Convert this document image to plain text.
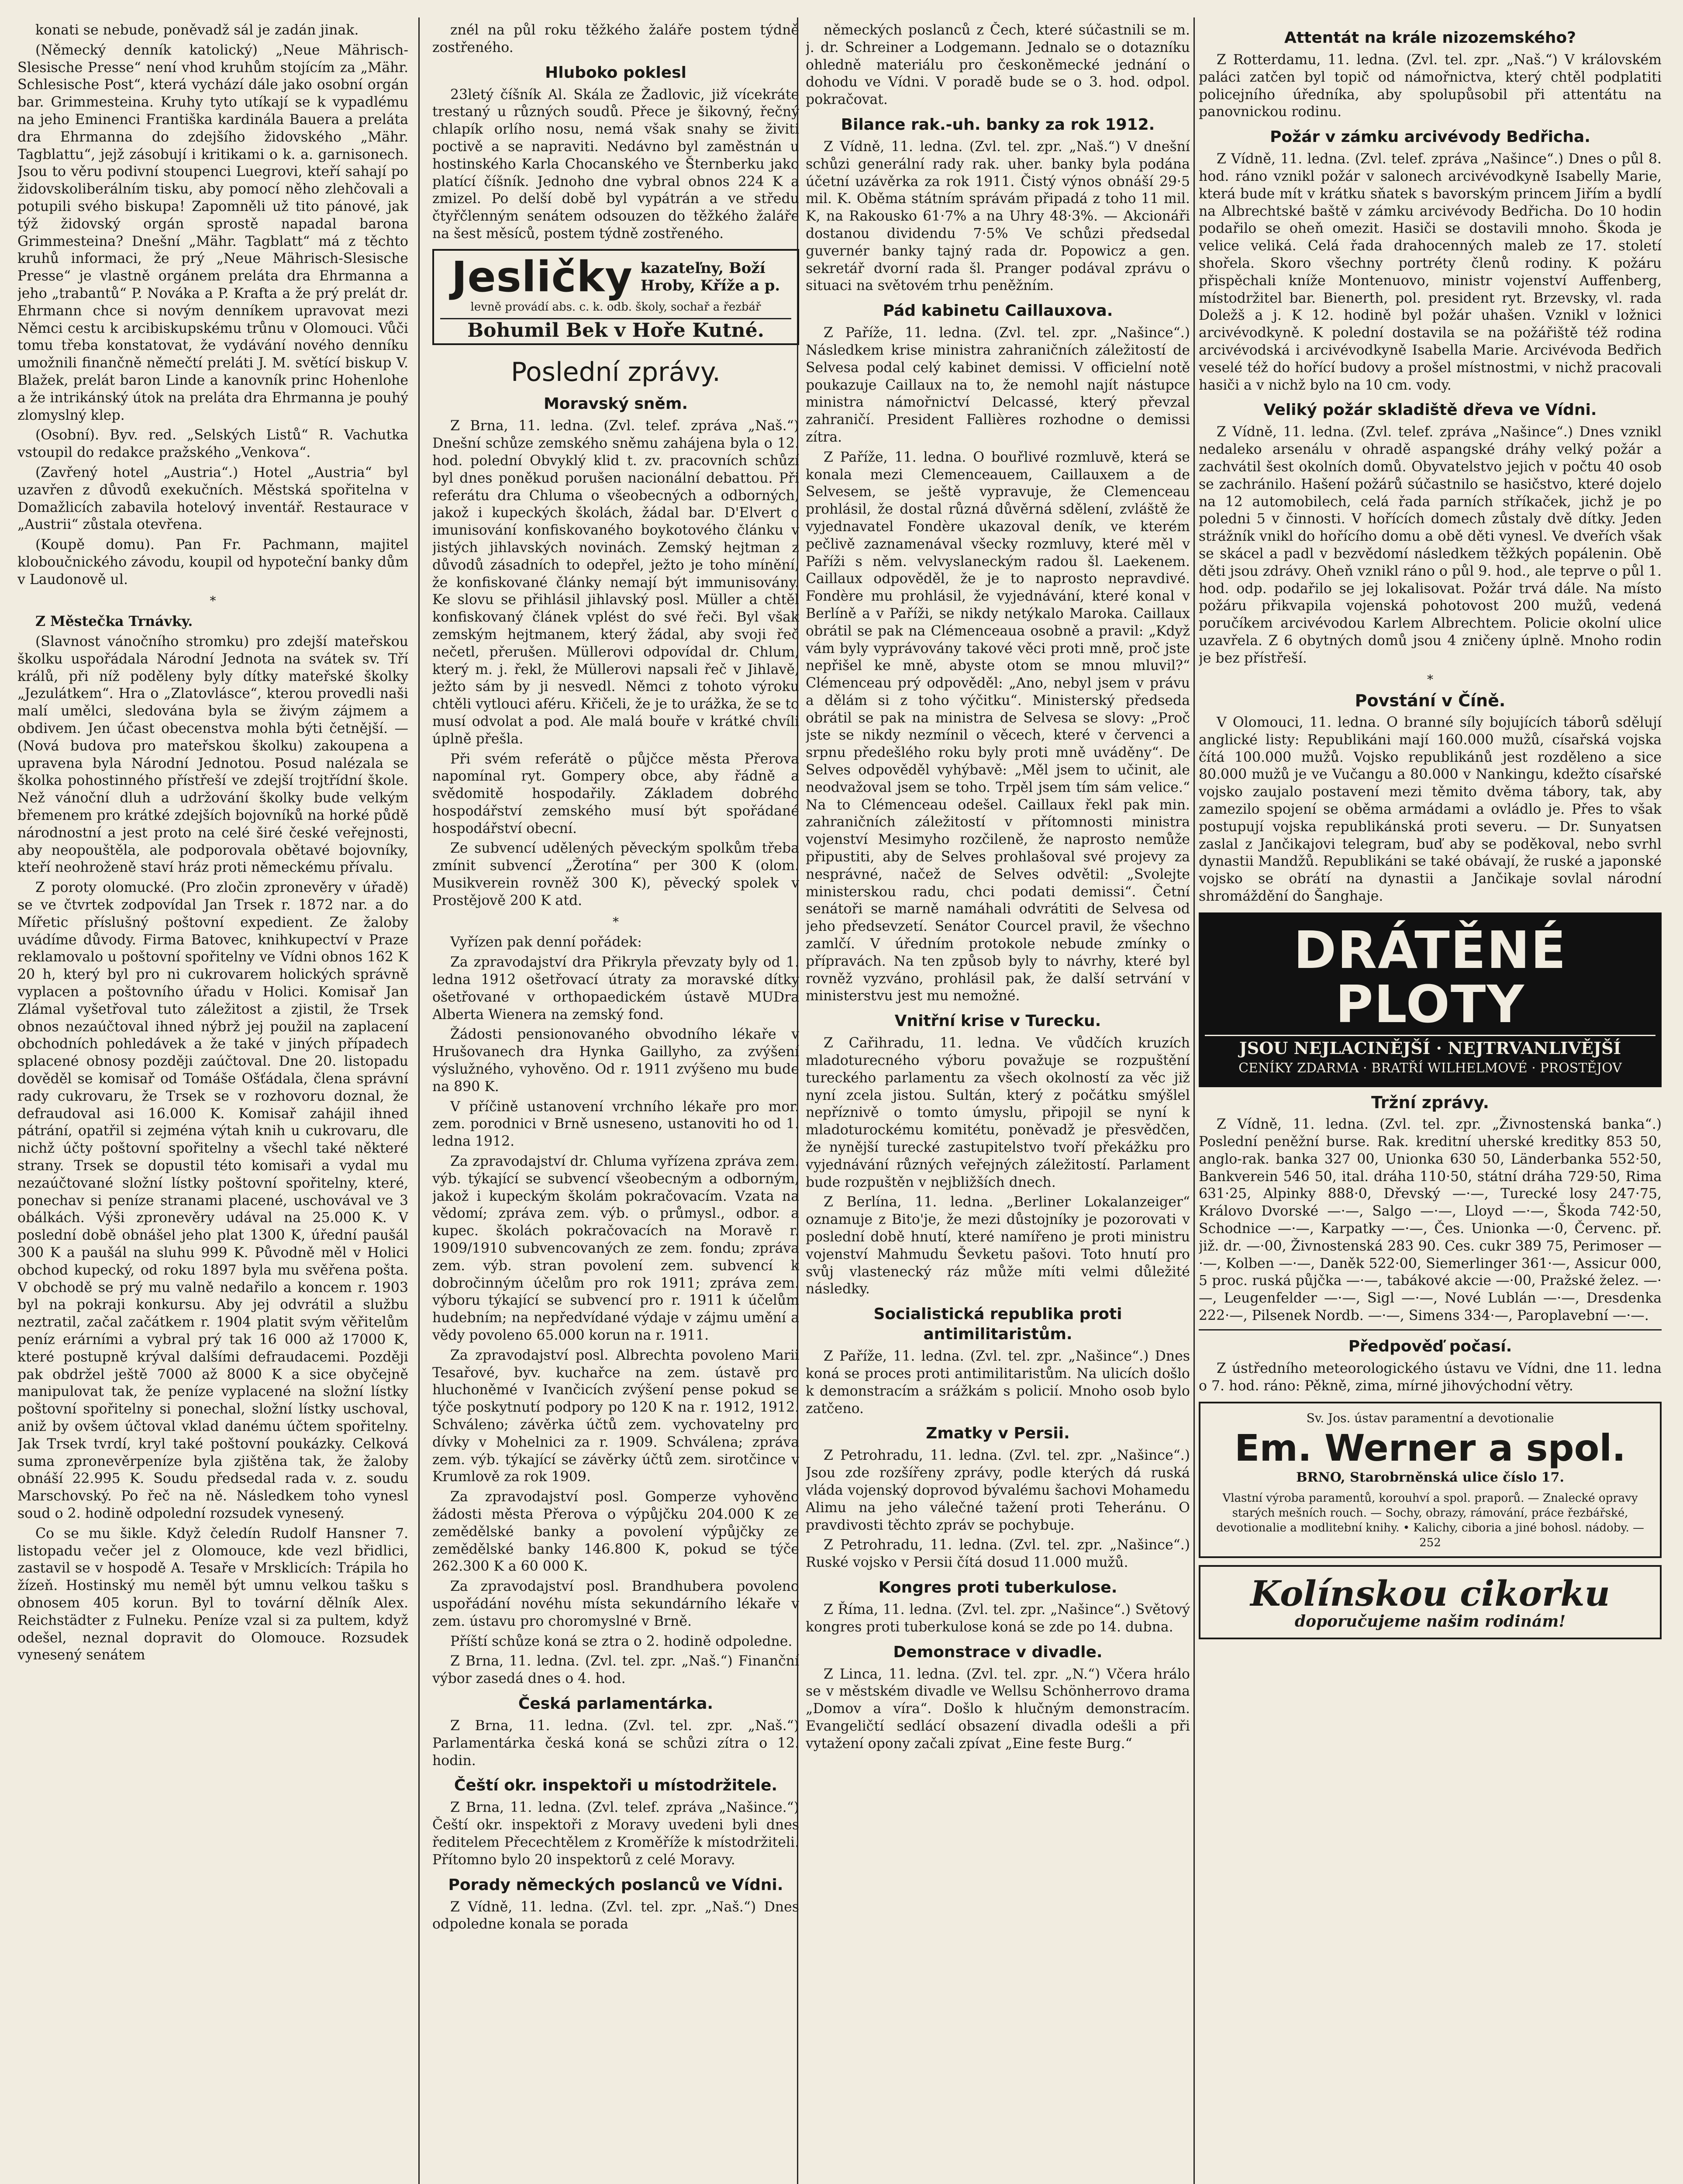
konati se nebude, poněvadž sál je zadán jinak.

(Německý denník katolický) „Neue Mährisch-Slesische Presse“ není vhod kruhům stojícím za „Mähr. Schlesische Post“, která vychází dále jako osobní orgán bar. Grimmesteina. Kruhy tyto utíkají se k vypadlému na jeho Eminenci Františka kardinála Bauera a preláta dra Ehrmanna do zdejšího židovského „Mähr. Tagblattu“, jejž zásobují i kritikami o k. a. garnisonech. Jsou to věru podivní stoupenci Luegrovi, kteří sahají po židovskoliberálním tisku, aby pomocí něho zlehčovali a potupili svého biskupa! Zapomněli už tito pánové, jak týž židovský orgán sprostě napadal barona Grimmesteina? Dnešní „Mähr. Tagblatt“ má z těchto kruhů informaci, že prý „Neue Mährisch-Slesische Presse“ je vlastně orgánem preláta dra Ehrmanna a jeho „trabantů“ P. Nováka a P. Krafta a že prý prelát dr. Ehrmann chce si novým denníkem upravovat mezi Němci cestu k arcibiskupskému trůnu v Olomouci. Vůči tomu třeba konstatovat, že vydávání nového denníku umožnili finančně němečtí preláti J. M. světící biskup V. Blažek, prelát baron Linde a kanovník princ Hohenlohe a že intrikánský útok na preláta dra Ehrmanna je pouhý zlomyslný klep.

(Osobní). Byv. red. „Selských Listů“ R. Vachutka vstoupil do redakce pražského „Venkova“.

(Zavřený hotel „Austria“.) Hotel „Austria“ byl uzavřen z důvodů exekučních. Městská spořitelna v Domažlicích zabavila hotelový inventář. Restaurace v „Austrii“ zůstala otevřena.

(Koupě domu). Pan Fr. Pachmann, majitel kloboučnického závodu, koupil od hypoteční banky dům v Laudonově ul.

*

Z Městečka Trnávky.

(Slavnost vánočního stromku) pro zdejší mateřskou školku uspořádala Národní Jednota na svátek sv. Tří králů, při níž poděleny byly dítky mateřské školky „Jezulátkem“. Hra o „Zlatovlásce“, kterou provedli naši malí umělci, sledována byla se živým zájmem a obdivem. Jen účast obecenstva mohla býti četnější. — (Nová budova pro mateřskou školku) zakoupena a upravena byla Národní Jednotou. Posud nalézala se školka pohostinného přístřeší ve zdejší trojtřídní škole. Než vánoční dluh a udržování školky bude velkým břemenem pro krátké zdejších bojovníků na horké půdě národnostní a jest proto na celé širé české veřejnosti, aby neopouštěla, ale podporovala obětavé bojovníky, kteří neohroženě staví hráz proti německému přívalu.

Z poroty olomucké. (Pro zločin zpronevěry v úřadě) se ve čtvrtek zodpovídal Jan Trsek r. 1872 nar. a do Mířetic příslušný poštovní expedient. Ze žaloby uvádíme důvody. Firma Batovec, knihkupectví v Praze reklamovalo u poštovní spořitelny ve Vídni obnos 162 K 20 h, který byl pro ni cukrovarem holických správně vyplacen a poštovního úřadu v Holici. Komisař Jan Zlámal vyšetřoval tuto záležitost a zjistil, že Trsek obnos nezaúčtoval ihned nýbrž jej použil na zaplacení obchodních pohledávek a že také v jiných případech splacené obnosy později zaúčtoval. Dne 20. listopadu dověděl se komisař od Tomáše Ošťádala, člena správní rady cukrovaru, že Trsek se v rozhovoru doznal, že defraudoval asi 16.000 K. Komisař zahájil ihned pátrání, opatřil si zejména výtah knih u cukrovaru, dle nichž účty poštovní spořitelny a všechl také některé strany. Trsek se dopustil této komisaři a vydal mu nezaúčtované složní lístky poštovní spořitelny, které, ponechav si peníze stranami placené, uschovával ve 3 obálkách. Výši zpronevěry udával na 25.000 K. V poslední době obnášel jeho plat 1300 K, úřední paušál 300 K a paušál na sluhu 999 K. Původně měl v Holici obchod kupecký, od roku 1897 byla mu svěřena pošta. V obchodě se prý mu valně nedařilo a koncem r. 1903 byl na pokraji konkursu. Aby jej odvrátil a službu neztratil, začal začátkem r. 1904 platit svým věřitelům peníz erárními a vybral prý tak 16 000 až 17000 K, které postupně krýval dalšími defraudacemi. Později pak obdržel ještě 7000 až 8000 K a sice obyčejně manipulovat tak, že peníze vyplacené na složní lístky poštovní spořitelny si ponechal, složní lístky uschoval, aniž by ovšem účtoval vklad danému účtem spořitelny. Jak Trsek tvrdí, kryl také poštovní poukázky. Celková suma zpronevěrpeníze byla zjištěna tak, že žaloby obnáší 22.995 K. Soudu předsedal rada v. z. soudu Marschovský. Po řeč na ně. Následkem toho vynesl soud o 2. hodině odpolední rozsudek vynesený.

Co se mu šikle. Když čeledín Rudolf Hansner 7. listopadu večer jel z Olomouce, kde vezl břidlici, zastavil se v hospodě A. Tesaře v Mrsklicích: Trápila ho žízeň. Hostinský mu neměl být umnu velkou tašku s obnosem 405 korun. Byl to tovární dělník Alex. Reichstädter z Fulneku. Peníze vzal si za pultem, když odešel, neznal dopravit do Olomouce. Rozsudek vynesený senátem

znél na půl roku těžkého žaláře postem týdně zostřeného.

Hluboko poklesl

23letý číšník Al. Skála ze Žadlovic, již vícekráte trestaný u různých soudů. Přece je šikovný, řečný chlapík orlího nosu, nemá však snahy se živiti poctivě a se napraviti. Nedávno byl zaměstnán u hostinského Karla Chocanského ve Šternberku jako platící číšník. Jednoho dne vybral obnos 224 K a zmizel. Po delší době byl vypátrán a ve středu čtyřčlenným senátem odsouzen do těžkého žaláře na šest měsíců, postem týdně zostřeného.

Jesličky kazateľny, Boží
Hroby, Kříže a p.
levně provádí abs. c. k. odb. školy, sochař a řezbář
Bohumil Bek v Hoře Kutné.
Poslední zprávy.
Moravský sněm.

Z Brna, 11. ledna. (Zvl. telef. zpráva „Naš.“) Dnešní schůze zemského sněmu zahájena byla o 12. hod. polední Obvyklý klid t. zv. pracovních schůzí byl dnes poněkud porušen nacionální debattou. Při referátu dra Chluma o všeobecných a odborných, jakož i kupeckých školách, žádal bar. D'Elvert o imunisování konfiskovaného boykotového článku v jistých jihlavských novinách. Zemský hejtman z důvodů zásadních to odepřel, ježto je toho mínění, že konfiskované články nemají být immunisovány. Ke slovu se přihlásil jihlavský posl. Müller a chtěl konfiskovaný článek vplést do své řeči. Byl však zemským hejtmanem, který žádal, aby svoji řeč nečetl, přerušen. Müllerovi odpovídal dr. Chlum, který m. j. řekl, že Müllerovi napsali řeč v Jihlavě, ježto sám by ji nesvedl. Němci z tohoto výroku chtěli vytlouci aféru. Křičeli, že je to urážka, že se to musí odvolat a pod. Ale malá bouře v krátké chvíli úplně přešla.

Při svém referátě o půjčce města Přerova napomínal ryt. Gompery obce, aby řádně a svědomitě hospodařily. Základem dobrého hospodářství zemského musí být spořádané hospodářství obecní.

Ze subvencí udělených pěveckým spolkům třeba zmínit subvencí „Žerotína“ per 300 K (olom. Musikverein rovněž 300 K), pěvecký spolek v Prostějově 200 K atd.

*

Vyřízen pak denní pořádek:

Za zpravodajství dra Přikryla převzaty byly od 1. ledna 1912 ošetřovací útraty za moravské dítky ošetřované v orthopaedickém ústavě MUDra Alberta Wienera na zemský fond.

Žádosti pensionovaného obvodního lékaře v Hrušovanech dra Hynka Gaillyho, za zvýšení výslužného, vyhověno. Od r. 1911 zvýšeno mu bude na 890 K.

V příčině ustanovení vrchního lékaře pro mor. zem. porodnici v Brně usneseno, ustanoviti ho od 1. ledna 1912.

Za zpravodajství dr. Chluma vyřízena zpráva zem. výb. týkající se subvencí všeobecným a odborným, jakož i kupeckým školám pokračovacím. Vzata na vědomí; zpráva zem. výb. o průmysl., odbor. a kupec. školách pokračovacích na Moravě r. 1909/1910 subvencovaných ze zem. fondu; zpráva zem. výb. stran povolení zem. subvencí k dobročinným účelům pro rok 1911; zpráva zem. výboru týkající se subvencí pro r. 1911 k účelům hudebním; na nepředvídané výdaje v zájmu umění a vědy povoleno 65.000 korun na r. 1911.

Za zpravodajství posl. Albrechta povoleno Marii Tesařové, byv. kuchařce na zem. ústavě pro hluchoněmé v Ivančicích zvýšení pense pokud se týče poskytnutí podpory po 120 K na r. 1912, 1912. Schváleno; závěrka účtů zem. vychovatelny pro dívky v Mohelnici za r. 1909. Schválena; zpráva zem. výb. týkající se závěrky účtů zem. sirotčince v Krumlově za rok 1909.

Za zpravodajství posl. Gomperze vyhověno žádosti města Přerova o výpůjčku 204.000 K ze zemědělské banky a povolení výpůjčky ze zemědělské banky 146.800 K, pokud se týče 262.300 K a 60 000 K.

Za zpravodajství posl. Brandhubera povoleno uspořádání novéhu místa sekundárního lékaře v zem. ústavu pro choromyslné v Brně.

Příští schůze koná se ztra o 2. hodině odpoledne.

Z Brna, 11. ledna. (Zvl. tel. zpr. „Naš.“) Finanční výbor zasedá dnes o 4. hod.

Česká parlamentárka.

Z Brna, 11. ledna. (Zvl. tel. zpr. „Naš.“) Parlamentárka česká koná se schůzi zítra o 12. hodin.

Čeští okr. inspektoři u místodržitele.

Z Brna, 11. ledna. (Zvl. telef. zpráva „Našince.“) Čeští okr. inspektoři z Moravy uvedeni byli dnes ředitelem Přecechtělem z Kroměříže k místodržiteli. Přítomno bylo 20 inspektorů z celé Moravy.

Porady německých poslanců ve Vídni.

Z Vídně, 11. ledna. (Zvl. tel. zpr. „Naš.“) Dnes odpoledne konala se porada

německých poslanců z Čech, které súčastnili se m. j. dr. Schreiner a Lodgemann. Jednalo se o dotazníku ohledně materiálu pro českoněmecké jednání o dohodu ve Vídni. V poradě bude se o 3. hod. odpol. pokračovat.

Bilance rak.-uh. banky za rok 1912.

Z Vídně, 11. ledna. (Zvl. tel. zpr. „Naš.“) V dnešní schůzi generální rady rak. uher. banky byla podána účetní uzávěrka za rok 1911. Čistý výnos obnáší 29·5 mil. K. Oběma státním správám připadá z toho 11 mil. K, na Rakousko 61·7% a na Uhry 48·3%. — Akcionáři dostanou dividendu 7·5% Ve schůzi předsedal guvernér banky tajný rada dr. Popowicz a gen. sekretář dvorní rada šl. Pranger podával zprávu o situaci na světovém trhu peněžním.

Pád kabinetu Caillauxova.

Z Paříže, 11. ledna. (Zvl. tel. zpr. „Našince“.) Následkem krise ministra zahraničních záležitostí de Selvesa podal celý kabinet demissi. V officielní notě poukazuje Caillaux na to, že nemohl najít nástupce ministra námořnictví Delcassé, který převzal zahraničí. President Fallières rozhodne o demissi zítra.

Z Paříže, 11. ledna. O bouřlivé rozmluvě, která se konala mezi Clemenceauem, Caillauxem a de Selvesem, se ještě vypravuje, že Clemenceau prohlásil, že dostal různá důvěrná sdělení, zvláště že vyjednavatel Fondère ukazoval deník, ve kterém pečlivě zaznamenával všecky rozmluvy, které měl v Paříži s něm. velvyslaneckým radou šl. Laekenem. Caillaux odpověděl, že je to naprosto nepravdivé. Fondère mu prohlásil, že vyjednávání, které konal v Berlíně a v Paříži, se nikdy netýkalo Maroka. Caillaux obrátil se pak na Clémenceaua osobně a pravil: „Když vám byly vyprávovány takové věci proti mně, proč jste nepřišel ke mně, abyste otom se mnou mluvil?“ Clémenceau prý odpověděl: „Ano, nebyl jsem v právu a dělám si z toho výčitku“. Ministerský předseda obrátil se pak na ministra de Selvesa se slovy: „Proč jste se nikdy nezmínil o věcech, které v červenci a srpnu předešlého roku byly proti mně uváděny“. De Selves odpověděl vyhýbavě: „Měl jsem to učinit, ale neodvažoval jsem se toho. Trpěl jsem tím sám velice.“ Na to Clémenceau odešel. Caillaux řekl pak min. zahraničních záležitostí v přítomnosti ministra vojenství Mesimyho rozčileně, že naprosto nemůže připustiti, aby de Selves prohlašoval své projevy za nesprávné, načež de Selves odvětil: „Svolejte ministerskou radu, chci podati demissi“. Četní senátoři se marně namáhali odvrátiti de Selvesa od jeho předsevzetí. Senátor Courcel pravil, že všechno zamlčí. V úředním protokole nebude zmínky o přípravách. Na ten způsob byly to návrhy, které byl rovněž vyzváno, prohlásil pak, že další setrvání v ministerstvu jest mu nemožné.

Vnitřní krise v Turecku.

Z Cařihradu, 11. ledna. Ve vůdčích kruzích mladoturecného výboru považuje se rozpuštění tureckého parlamentu za všech okolností za věc již nyní zcela jistou. Sultán, který z počátku smýšlel nepříznivě o tomto úmyslu, připojil se nyní k mladoturockému komitétu, poněvadž je přesvědčen, že nynější turecké zastupitelstvo tvoří překážku pro vyjednávání různých veřejných záležitostí. Parlament bude rozpuštěn v nejbližších dnech.

Z Berlína, 11. ledna. „Berliner Lokalanzeiger“ oznamuje z Bito'je, že mezi důstojníky je pozorovati v poslední době hnutí, které namířeno je proti ministru vojenství Mahmudu Ševketu pašovi. Toto hnutí pro svůj vlastenecký ráz může míti velmi důležité následky.

Socialistická republika proti antimilitaristům.

Z Paříže, 11. ledna. (Zvl. tel. zpr. „Našince“.) Dnes koná se proces proti antimilitaristům. Na ulicích došlo k demonstracím a srážkám s policií. Mnoho osob bylo zatčeno.

Zmatky v Persii.

Z Petrohradu, 11. ledna. (Zvl. tel. zpr. „Našince“.) Jsou zde rozšířeny zprávy, podle kterých dá ruská vláda vojenský doprovod bývalému šachovi Mohamedu Alimu na jeho válečné tažení proti Teheránu. O pravdivosti těchto zpráv se pochybuje.

Z Petrohradu, 11. ledna. (Zvl. tel. zpr. „Našince“.) Ruské vojsko v Persii čítá dosud 11.000 mužů.

Kongres proti tuberkulose.

Z Říma, 11. ledna. (Zvl. tel. zpr. „Našince“.) Světový kongres proti tuberkulose koná se zde po 14. dubna.

Demonstrace v divadle.

Z Linca, 11. ledna. (Zvl. tel. zpr. „N.“) Včera hrálo se v městském divadle ve Wellsu Schönherrovo drama „Domov a víra“. Došlo k hlučným demonstracím. Evangeličtí sedlácí obsazení divadla odešli a při vytažení opony začali zpívat „Eine feste Burg.“

Attentát na krále nizozemského?

Z Rotterdamu, 11. ledna. (Zvl. tel. zpr. „Naš.“) V královském paláci zatčen byl topič od námořnictva, který chtěl podplatiti policejního úředníka, aby spolupůsobil při attentátu na panovnickou rodinu.

Požár v zámku arcivévody Bedřicha.

Z Vídně, 11. ledna. (Zvl. telef. zpráva „Našince“.) Dnes o půl 8. hod. ráno vznikl požár v salonech arcivévodkyně Isabelly Marie, která bude mít v krátku sňatek s bavorským princem Jiřím a bydlí na Albrechtské baště v zámku arcivévody Bedřicha. Do 10 hodin podařilo se oheň omezit. Hasiči se dostavili mnoho. Škoda je velice veliká. Celá řada drahocenných maleb ze 17. století shořela. Skoro všechny portréty členů rodiny. K požáru přispěchali kníže Montenuovo, ministr vojenství Auffenberg, místodržitel bar. Bienerth, pol. president ryt. Brzevsky, vl. rada Doležš a j. K 12. hodině byl požár uhašen. Vznikl v ložnici arcivévodkyně. K polední dostavila se na požářiště též rodina arcivévodská i arcivévodkyně Isabella Marie. Arcivévoda Bedřich veselé též do hořící budovy a prošel místnostmi, v nichž pracovali hasiči a v nichž bylo na 10 cm. vody.

Veliký požár skladiště dřeva ve Vídni.

Z Vídně, 11. ledna. (Zvl. telef. zpráva „Našince“.) Dnes vznikl nedaleko arsenálu v ohradě aspangské dráhy velký požár a zachvátil šest okolních domů. Obyvatelstvo jejich v počtu 40 osob se zachránilo. Hašení požárů súčastnilo se hasičstvo, které dojelo na 12 automobilech, celá řada parních stříkaček, jichž je po poledni 5 v činnosti. V hořících domech zůstaly dvě dítky. Jeden strážník vnikl do hořícího domu a obě děti vynesl. Ve dveřích však se skácel a padl v bezvědomí následkem těžkých popálenin. Obě děti jsou zdrávy. Oheň vznikl ráno o půl 9. hod., ale teprve o půl 1. hod. odp. podařilo se jej lokalisovat. Požár trvá dále. Na místo požáru přikvapila vojenská pohotovost 200 mužů, vedená poručíkem arcivévodou Karlem Albrechtem. Policie okolní ulice uzavřela. Z 6 obytných domů jsou 4 zničeny úplně. Mnoho rodin je bez přístřeší.

*
Povstání v Číně.

V Olomouci, 11. ledna. O branné síly bojujících táborů sdělují anglické listy: Republikáni mají 160.000 mužů, císařská vojska čítá 100.000 mužů. Vojsko republikánů jest rozděleno a sice 80.000 mužů je ve Vučangu a 80.000 v Nankingu, kdežto císařské vojsko zaujalo postavení mezi těmito dvěma tábory, tak, aby zamezilo spojení se oběma armádami a ovládlo je. Přes to však postupují vojska republikánská proti severu. — Dr. Sunyatsen zaslal z Jančikajovi telegram, buď aby se poděkoval, nebo svrhl dynastii Mandžů. Republikáni se také obávají, že ruské a japonské vojsko se obrátí na dynastii a Jančikaje sovlal národní shromáždění do Šanghaje.

DRÁTĚNÉ PLOTY
JSOU NEJLACINĚJŠÍ · NEJTRVANLIVĚJŠÍ
CENÍKY ZDARMA · BRATŘÍ WILHELMOVÉ · PROSTĚJOV
Tržní zprávy.

Z Vídně, 11. ledna. (Zvl. tel. zpr. „Živnostenská banka“.) Poslední peněžní burse. Rak. kreditní uherské kreditky 853 50, anglo-rak. banka 327 00, Unionka 630 50, Länderbanka 552·50, Bankverein 546 50, ital. dráha 110·50, státní dráha 729·50, Rima 631·25, Alpinky 888·0, Dřevský —·—, Turecké losy 247·75, Královo Dvorské —·—, Salgo —·—, Lloyd —·—, Škoda 742·50, Schodnice —·—, Karpatky —·—, Čes. Unionka —·0, Červenc. př. již. dr. —·00, Živnostenská 283 90. Ces. cukr 389 75, Perimoser —·—, Kolben —·—, Daněk 522·00, Siemerlinger 361·—, Assicur 000, 5 proc. ruská půjčka —·—, tabákové akcie —·00, Pražské želez. —·—, Leugenfelder —·—, Sigl —·—, Nové Lublán —·—, Dresdenka 222·—, Pilsenek Nordb. —·—, Simens 334·—, Paroplavební —·—.

Předpověď počasí.

Z ústředního meteorologického ústavu ve Vídni, dne 11. ledna o 7. hod. ráno: Pěkně, zima, mírné jihovýchodní větry.

Sv. Jos. ústav paramentní a devotionalie
Em. Werner a spol.
BRNO, Starobrněnská ulice číslo 17.
Vlastní výroba paramentů, korouhví a spol. praporů. — Znalecké opravy starých mešních rouch. — Sochy, obrazy, rámování, práce řezbářské, devotionalie a modlitební knihy. • Kalichy, ciboria a jiné bohosl. nádoby. — 252
Kolínskou cikorku
doporučujeme našim rodinám!
